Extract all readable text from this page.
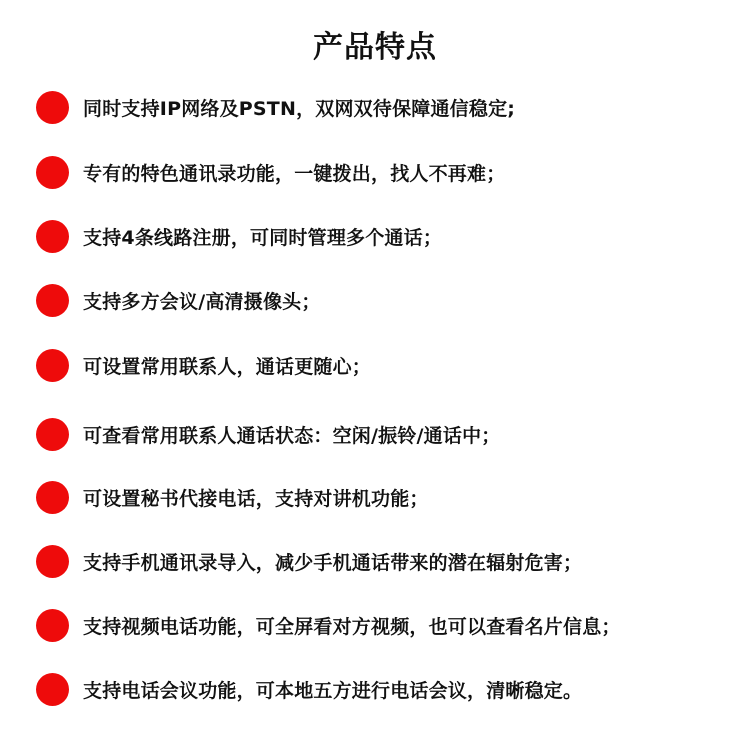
产品特点
同时支持IP网络及PSTN，双网双待保障通信稳定;
专有的特色通讯录功能，一键拨出，找人不再难；
支持4条线路注册，可同时管理多个通话；
支持多方会议/高清摄像头；
可设置常用联系人，通话更随心；
可查看常用联系人通话状态：空闲/振铃/通话中；
可设置秘书代接电话，支持对讲机功能；
支持手机通讯录导入，减少手机通话带来的潜在辐射危害；
支持视频电话功能，可全屏看对方视频，也可以查看名片信息；
支持电话会议功能，可本地五方进行电话会议，清晰稳定。
